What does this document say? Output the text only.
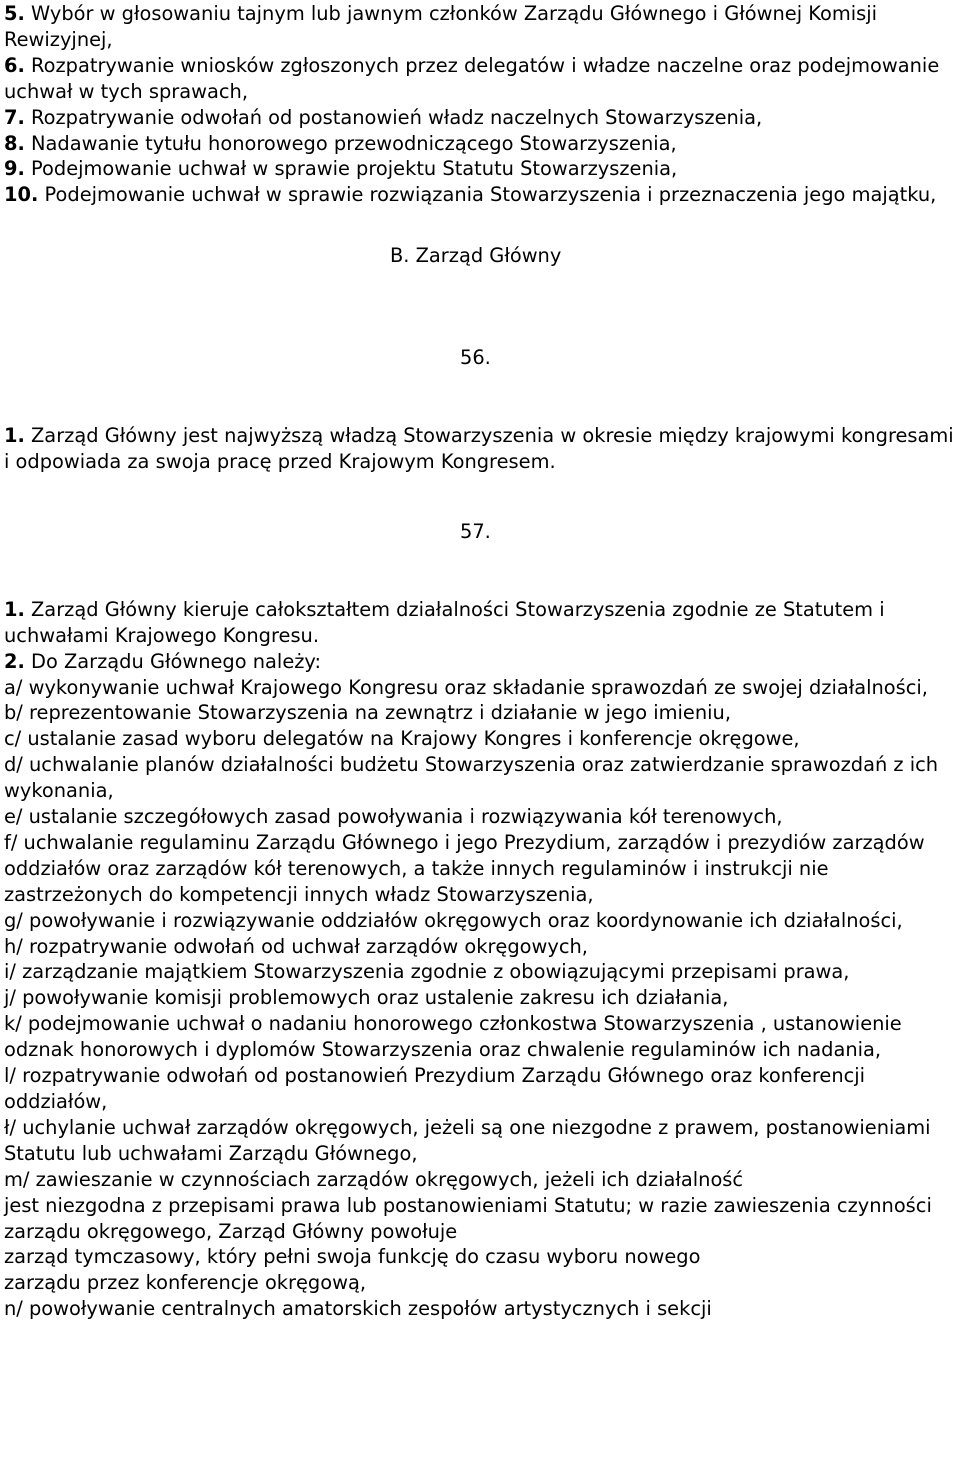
5. Wybór w głosowaniu tajnym lub jawnym członków Zarządu Głównego i Głównej Komisji Rewizyjnej,

6. Rozpatrywanie wniosków zgłoszonych przez delegatów i władze naczelne oraz podejmowanie uchwał w tych sprawach,

7. Rozpatrywanie odwołań od postanowień władz naczelnych Stowarzyszenia,

8. Nadawanie tytułu honorowego przewodniczącego Stowarzyszenia,

9. Podejmowanie uchwał w sprawie projektu Statutu Stowarzyszenia,

10. Podejmowanie uchwał w sprawie rozwiązania Stowarzyszenia i przeznaczenia jego majątku,

B. Zarząd Główny

56.

1. Zarząd Główny jest najwyższą władzą Stowarzyszenia w okresie między krajowymi kongresami i odpowiada za swoja pracę przed Krajowym Kongresem.

57.

1. Zarząd Główny kieruje całokształtem działalności Stowarzyszenia zgodnie ze Statutem i uchwałami Krajowego Kongresu.

2. Do Zarządu Głównego należy:

a/ wykonywanie uchwał Krajowego Kongresu oraz składanie sprawozdań ze swojej działalności,

b/ reprezentowanie Stowarzyszenia na zewnątrz i działanie w jego imieniu,

c/ ustalanie zasad wyboru delegatów na Krajowy Kongres i konferencje okręgowe,

d/ uchwalanie planów działalności budżetu Stowarzyszenia oraz zatwierdzanie sprawozdań z ich wykonania,

e/ ustalanie szczegółowych zasad powoływania i rozwiązywania kół terenowych,

f/ uchwalanie regulaminu Zarządu Głównego i jego Prezydium, zarządów i prezydiów zarządów oddziałów oraz zarządów kół terenowych, a także innych regulaminów i instrukcji nie zastrzeżonych do kompetencji innych władz Stowarzyszenia,

g/ powoływanie i rozwiązywanie oddziałów okręgowych oraz koordynowanie ich działalności,

h/ rozpatrywanie odwołań od uchwał zarządów okręgowych,

i/ zarządzanie majątkiem Stowarzyszenia zgodnie z obowiązującymi przepisami prawa,

j/ powoływanie komisji problemowych oraz ustalenie zakresu ich działania,

k/ podejmowanie uchwał o nadaniu honorowego członkostwa Stowarzyszenia , ustanowienie odznak honorowych i dyplomów Stowarzyszenia oraz chwalenie regulaminów ich nadania,

l/ rozpatrywanie odwołań od postanowień Prezydium Zarządu Głównego oraz konferencji oddziałów,

ł/ uchylanie uchwał zarządów okręgowych, jeżeli są one niezgodne z prawem, postanowieniami Statutu lub uchwałami Zarządu Głównego,

m/ zawieszanie w czynnościach zarządów okręgowych, jeżeli ich działalność

jest niezgodna z przepisami prawa lub postanowieniami Statutu; w razie zawieszenia czynności zarządu okręgowego, Zarząd Główny powołuje

zarząd tymczasowy, który pełni swoja funkcję do czasu wyboru nowego

zarządu przez konferencje okręgową,

n/ powoływanie centralnych amatorskich zespołów artystycznych i sekcji
